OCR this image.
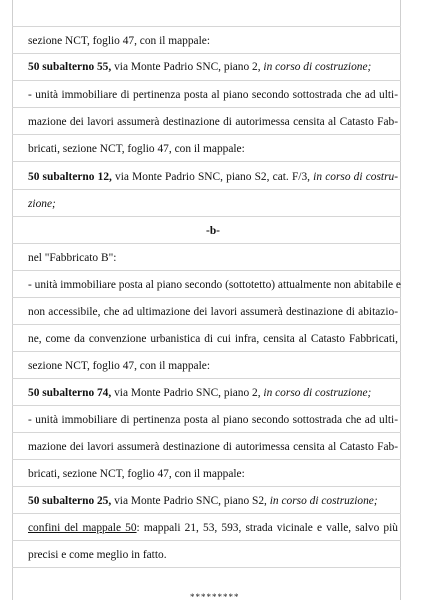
sezione NCT, foglio 47, con il mappale:
50 subalterno 55, via Monte Padrio SNC, piano 2, in corso di costruzione;
- unità immobiliare di pertinenza posta al piano secondo sottostrada che ad ulti-
mazione dei lavori assumerà destinazione di autorimessa censita al Catasto Fab-
bricati, sezione NCT, foglio 47, con il mappale:
50 subalterno 12, via Monte Padrio SNC, piano S2, cat. F/3, in corso di costru-
zione;
-b-
nel "Fabbricato B":
- unità immobiliare posta al piano secondo (sottotetto) attualmente non abitabile e
non accessibile, che ad ultimazione dei lavori assumerà destinazione di abitazio-
ne, come da convenzione urbanistica di cui infra, censita al Catasto Fabbricati,
sezione NCT, foglio 47, con il mappale:
50 subalterno 74, via Monte Padrio SNC, piano 2, in corso di costruzione;
- unità immobiliare di pertinenza posta al piano secondo sottostrada che ad ulti-
mazione dei lavori assumerà destinazione di autorimessa censita al Catasto Fab-
bricati, sezione NCT, foglio 47, con il mappale:
50 subalterno 25, via Monte Padrio SNC, piano S2, in corso di costruzione;
confini del mappale 50: mappali 21, 53, 593, strada vicinale e valle, salvo più
precisi e come meglio in fatto.
*********
